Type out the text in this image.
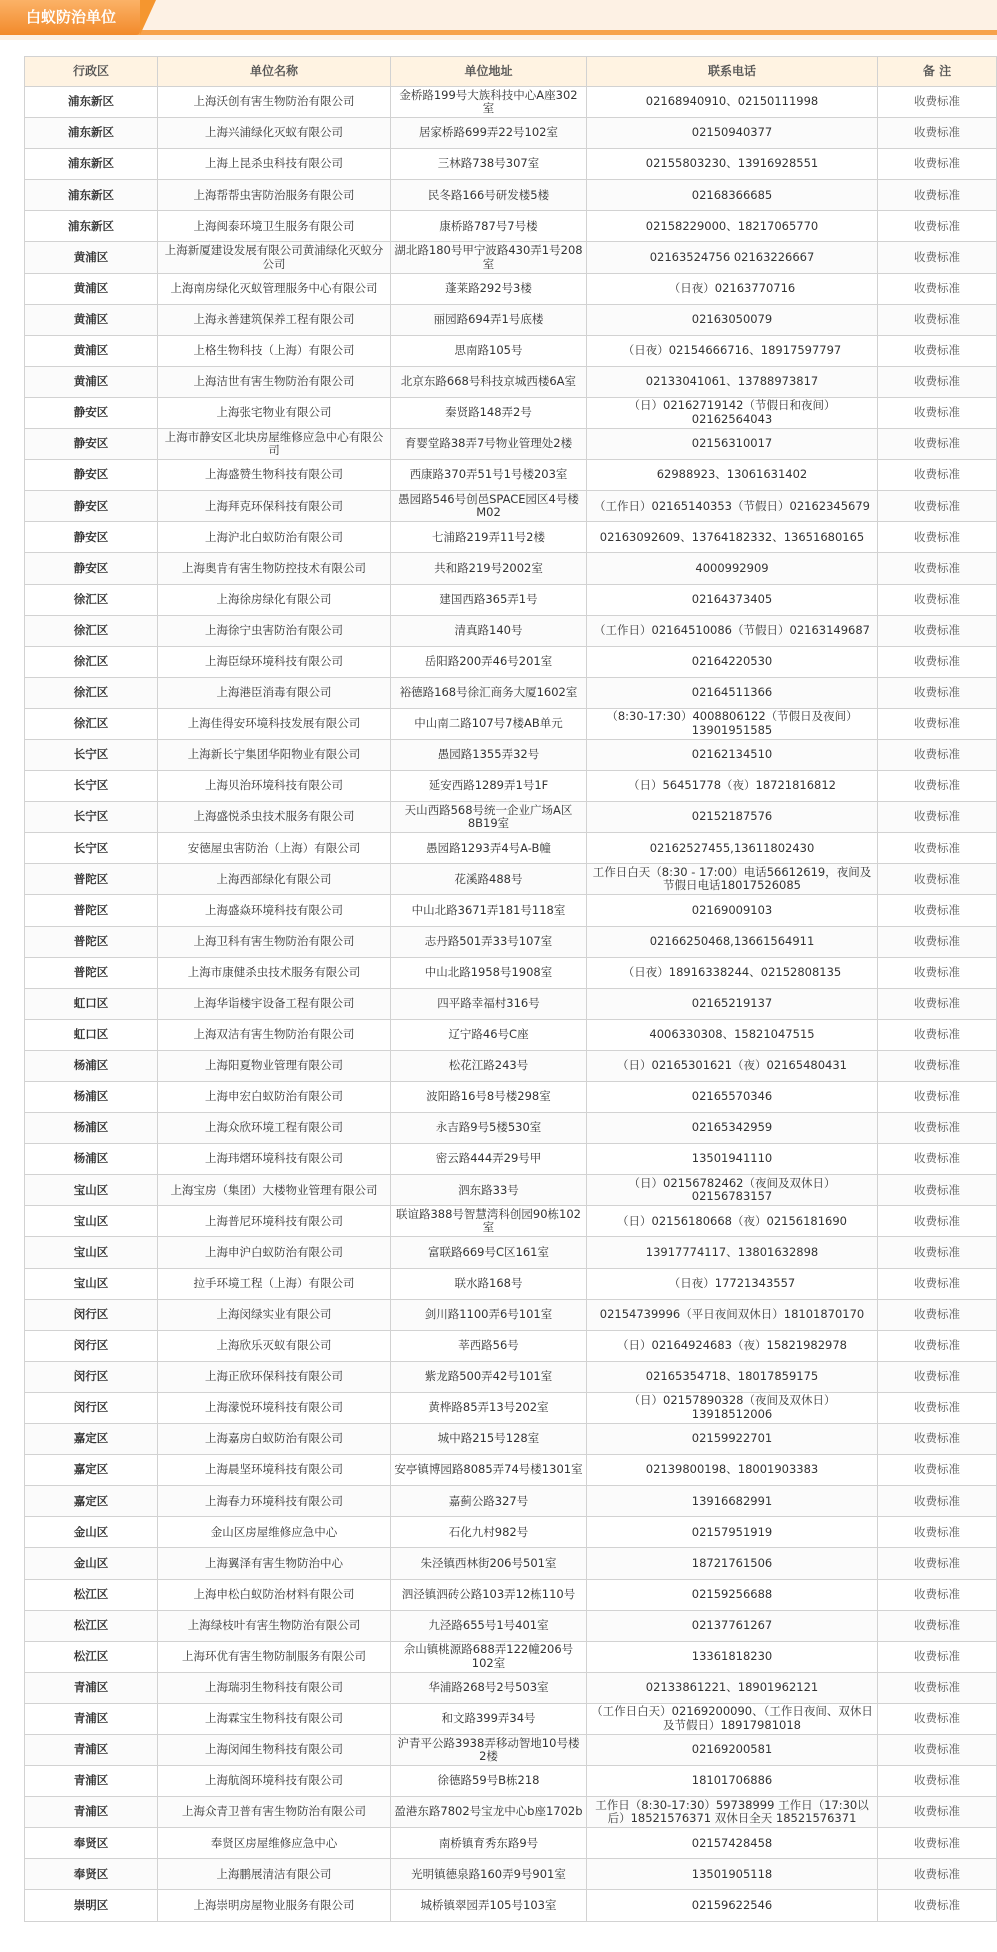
白蚁防治单位
行政区	单位名称	单位地址	联系电话	备 注
浦东新区	上海沃创有害生物防治有限公司	金桥路199号大族科技中心A座302室	02168940910、02150111998	收费标准
浦东新区	上海兴浦绿化灭蚁有限公司	居家桥路699弄22号102室	02150940377	收费标准
浦东新区	上海上昆杀虫科技有限公司	三林路738号307室	02155803230、13916928551	收费标准
浦东新区	上海帮帮虫害防治服务有限公司	民冬路166号研发楼5楼	02168366685	收费标准
浦东新区	上海闽泰环境卫生服务有限公司	康桥路787号7号楼	02158229000、18217065770	收费标准
黄浦区	上海新厦建设发展有限公司黄浦绿化灭蚁分公司	湖北路180号甲宁波路430弄1号208室	02163524756 02163226667	收费标准
黄浦区	上海南房绿化灭蚁管理服务中心有限公司	蓬莱路292号3楼	（日夜）02163770716	收费标准
黄浦区	上海永善建筑保养工程有限公司	丽园路694弄1号底楼	02163050079	收费标准
黄浦区	上格生物科技（上海）有限公司	思南路105号	（日夜）02154666716、18917597797	收费标准
黄浦区	上海洁世有害生物防治有限公司	北京东路668号科技京城西楼6A室	02133041061、13788973817	收费标准
静安区	上海张宅物业有限公司	秦贤路148弄2号	（日）02162719142（节假日和夜间）02162564043	收费标准
静安区	上海市静安区北块房屋维修应急中心有限公司	育婴堂路38弄7号物业管理处2楼	02156310017	收费标准
静安区	上海盛赞生物科技有限公司	西康路370弄51号1号楼203室	62988923、13061631402	收费标准
静安区	上海拜克环保科技有限公司	愚园路546号创邑SPACE园区4号楼M02	（工作日）02165140353（节假日）02162345679	收费标准
静安区	上海沪北白蚁防治有限公司	七浦路219弄11号2楼	02163092609、13764182332、13651680165	收费标准
静安区	上海奥肯有害生物防控技术有限公司	共和路219号2002室	4000992909	收费标准
徐汇区	上海徐房绿化有限公司	建国西路365弄1号	02164373405	收费标准
徐汇区	上海徐宁虫害防治有限公司	清真路140号	（工作日）02164510086（节假日）02163149687	收费标准
徐汇区	上海臣绿环境科技有限公司	岳阳路200弄46号201室	02164220530	收费标准
徐汇区	上海港臣消毒有限公司	裕德路168号徐汇商务大厦1602室	02164511366	收费标准
徐汇区	上海佳得安环境科技发展有限公司	中山南二路107号7楼AB单元	（8:30-17:30）4008806122（节假日及夜间）13901951585	收费标准
长宁区	上海新长宁集团华阳物业有限公司	愚园路1355弄32号	02162134510	收费标准
长宁区	上海贝治环境科技有限公司	延安西路1289弄1号1F	（日）56451778（夜）18721816812	收费标准
长宁区	上海盛悦杀虫技术服务有限公司	天山西路568号统一企业广场A区8B19室	02152187576	收费标准
长宁区	安德屋虫害防治（上海）有限公司	愚园路1293弄4号A-B幢	02162527455,13611802430	收费标准
普陀区	上海西部绿化有限公司	花溪路488号	工作日白天（8:30 - 17:00）电话56612619，夜间及节假日电话18017526085	收费标准
普陀区	上海盛焱环境科技有限公司	中山北路3671弄181号118室	02169009103	收费标准
普陀区	上海卫科有害生物防治有限公司	志丹路501弄33号107室	02166250468,13661564911	收费标准
普陀区	上海市康健杀虫技术服务有限公司	中山北路1958号1908室	（日夜）18916338244、02152808135	收费标准
虹口区	上海华诣楼宇设备工程有限公司	四平路幸福村316号	02165219137	收费标准
虹口区	上海双洁有害生物防治有限公司	辽宁路46号C座	4006330308、15821047515	收费标准
杨浦区	上海阳夏物业管理有限公司	松花江路243号	（日）02165301621（夜）02165480431	收费标准
杨浦区	上海申宏白蚁防治有限公司	波阳路16号8号楼298室	02165570346	收费标准
杨浦区	上海众欣环境工程有限公司	永吉路9号5楼530室	02165342959	收费标准
杨浦区	上海玮熠环境科技有限公司	密云路444弄29号甲	13501941110	收费标准
宝山区	上海宝房（集团）大楼物业管理有限公司	泗东路33号	（日）02156782462（夜间及双休日）02156783157	收费标准
宝山区	上海普尼环境科技有限公司	联谊路388号智慧湾科创园90栋102室	（日）02156180668（夜）02156181690	收费标准
宝山区	上海申沪白蚁防治有限公司	富联路669号C区161室	13917774117、13801632898	收费标准
宝山区	拉手环境工程（上海）有限公司	联水路168号	（日夜）17721343557	收费标准
闵行区	上海闵绿实业有限公司	剑川路1100弄6号101室	02154739996（平日夜间双休日）18101870170	收费标准
闵行区	上海欣乐灭蚁有限公司	莘西路56号	（日）02164924683（夜）15821982978	收费标准
闵行区	上海正欣环保科技有限公司	紫龙路500弄42号101室	02165354718、18017859175	收费标准
闵行区	上海濛悦环境科技有限公司	黄桦路85弄13号202室	（日）02157890328（夜间及双休日）13918512006	收费标准
嘉定区	上海嘉房白蚁防治有限公司	城中路215号128室	02159922701	收费标准
嘉定区	上海晨坚环境科技有限公司	安亭镇博园路8085弄74号楼1301室	02139800198、18001903383	收费标准
嘉定区	上海春力环境科技有限公司	嘉蓟公路327号	13916682991	收费标准
金山区	金山区房屋维修应急中心	石化九村982号	02157951919	收费标准
金山区	上海翼泽有害生物防治中心	朱泾镇西林街206号501室	18721761506	收费标准
松江区	上海申松白蚁防治材料有限公司	泗泾镇泗砖公路103弄12栋110号	02159256688	收费标准
松江区	上海绿枝叶有害生物防治有限公司	九泾路655号1号401室	02137761267	收费标准
松江区	上海环优有害生物防制服务有限公司	佘山镇桃源路688弄122幢206号102室	13361818230	收费标准
青浦区	上海瑞羽生物科技有限公司	华浦路268号2号503室	02133861221、18901962121	收费标准
青浦区	上海霖宝生物科技有限公司	和文路399弄34号	（工作日白天）02169200090、（工作日夜间、双休日及节假日）18917981018	收费标准
青浦区	上海闵闻生物科技有限公司	沪青平公路3938弄移动智地10号楼2楼	02169200581	收费标准
青浦区	上海航阁环境科技有限公司	徐德路59号B栋218	18101706886	收费标准
青浦区	上海众青卫普有害生物防治有限公司	盈港东路7802号宝龙中心b座1702b	工作日（8:30-17:30）59738999 工作日（17:30以后）18521576371 双休日全天 18521576371	收费标准
奉贤区	奉贤区房屋维修应急中心	南桥镇育秀东路9号	02157428458	收费标准
奉贤区	上海鹏展清洁有限公司	光明镇德泉路160弄9号901室	13501905118	收费标准
崇明区	上海崇明房屋物业服务有限公司	城桥镇翠园弄105号103室	02159622546	收费标准
